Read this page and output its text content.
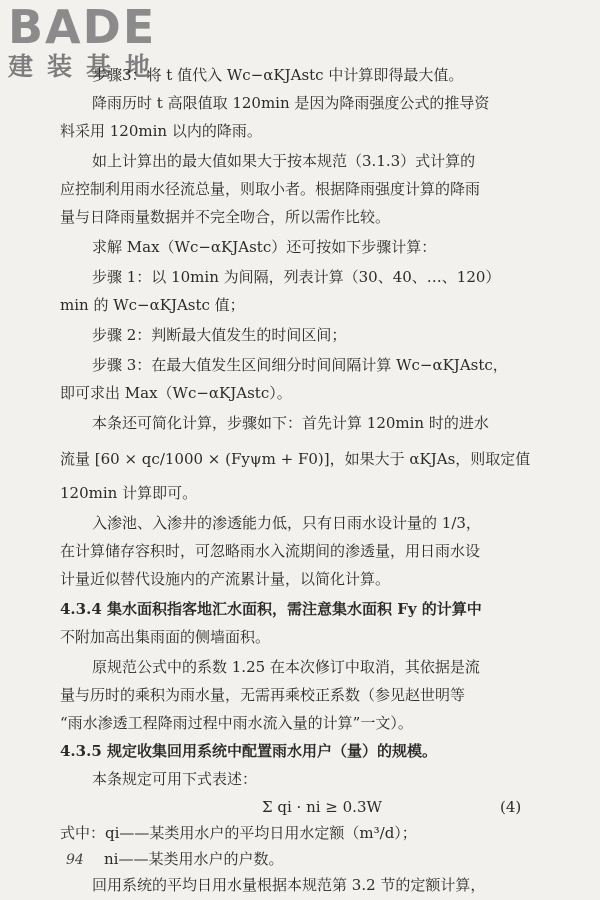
BADE
建装基地
步骤3：将 t 值代入 Wc−αKJAstc 中计算即得最大值。
降雨历时 t 高限值取 120min 是因为降雨强度公式的推导资
料采用 120min 以内的降雨。
如上计算出的最大值如果大于按本规范（3.1.3）式计算的
应控制利用雨水径流总量，则取小者。根据降雨强度计算的降雨
量与日降雨量数据并不完全吻合，所以需作比较。
求解 Max（Wc−αKJAstc）还可按如下步骤计算：
步骤 1：以 10min 为间隔，列表计算（30、40、…、120）
min 的 Wc−αKJAstc 值；
步骤 2：判断最大值发生的时间区间；
步骤 3：在最大值发生区间细分时间间隔计算 Wc−αKJAstc，
即可求出 Max（Wc−αKJAstc）。
本条还可简化计算，步骤如下：首先计算 120min 时的进水
流量 [60 × qc/1000 × (Fyψm + F0)]，如果大于 αKJAs，则取定值
120min 计算即可。
入渗池、入渗井的渗透能力低，只有日雨水设计量的 1/3，
在计算储存容积时，可忽略雨水入流期间的渗透量，用日雨水设
计量近似替代设施内的产流累计量，以简化计算。
4.3.4 集水面积指客地汇水面积，需注意集水面积 Fy 的计算中
不附加高出集雨面的侧墙面积。
原规范公式中的系数 1.25 在本次修订中取消，其依据是流
量与历时的乘积为雨水量，无需再乘校正系数（参见赵世明等
“雨水渗透工程降雨过程中雨水流入量的计算”一文）。
4.3.5 规定收集回用系统中配置雨水用户（量）的规模。
本条规定可用下式表述：
Σ qi · ni ≥ 0.3W	(4)
式中：qi——某类用水户的平均日用水定额（m³/d）；
ni——某类用水户的户数。
回用系统的平均日用水量根据本规范第 3.2 节的定额计算，
94
